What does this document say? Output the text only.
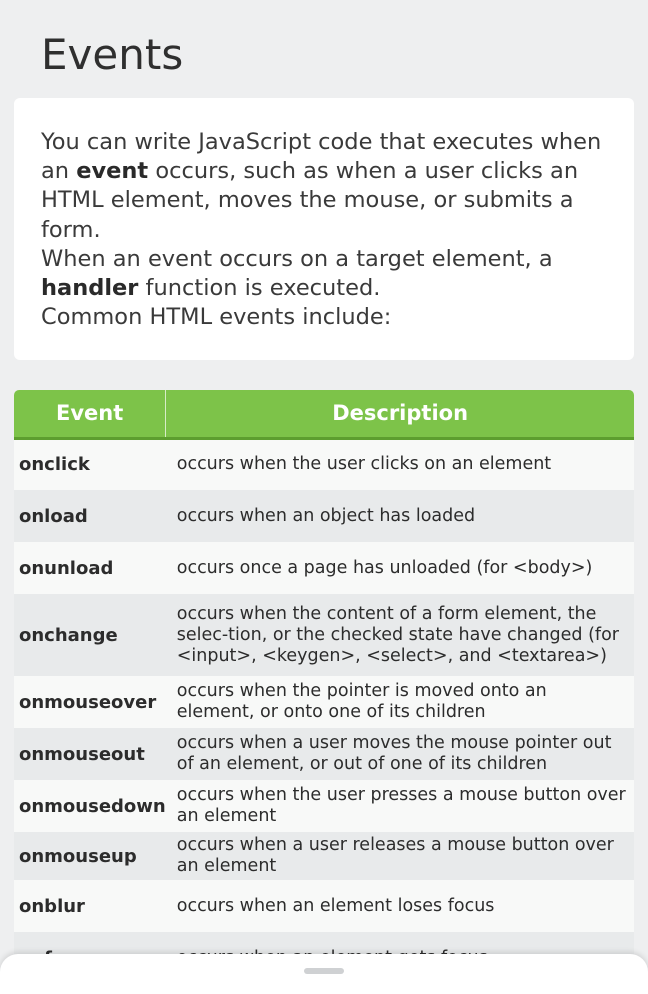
Events

You can write JavaScript code that executes when an event occurs, such as when a user clicks an HTML element, moves the mouse, or submits a form.

When an event occurs on a target element, a handler function is executed.

Common HTML events include:

Event	Description
onclick	occurs when the user clicks on an element
onload	occurs when an object has loaded
onunload	occurs once a page has unloaded (for <body>)
onchange	occurs when the content of a form element, the selec-tion, or the checked state have changed (for <input>, <keygen>, <select>, and <textarea>)
onmouseover	occurs when the pointer is moved onto an element, or onto one of its children
onmouseout	occurs when a user moves the mouse pointer out of an element, or out of one of its children
onmousedown	occurs when the user presses a mouse button over an element
onmouseup	occurs when a user releases a mouse button over an element
onblur	occurs when an element loses focus
